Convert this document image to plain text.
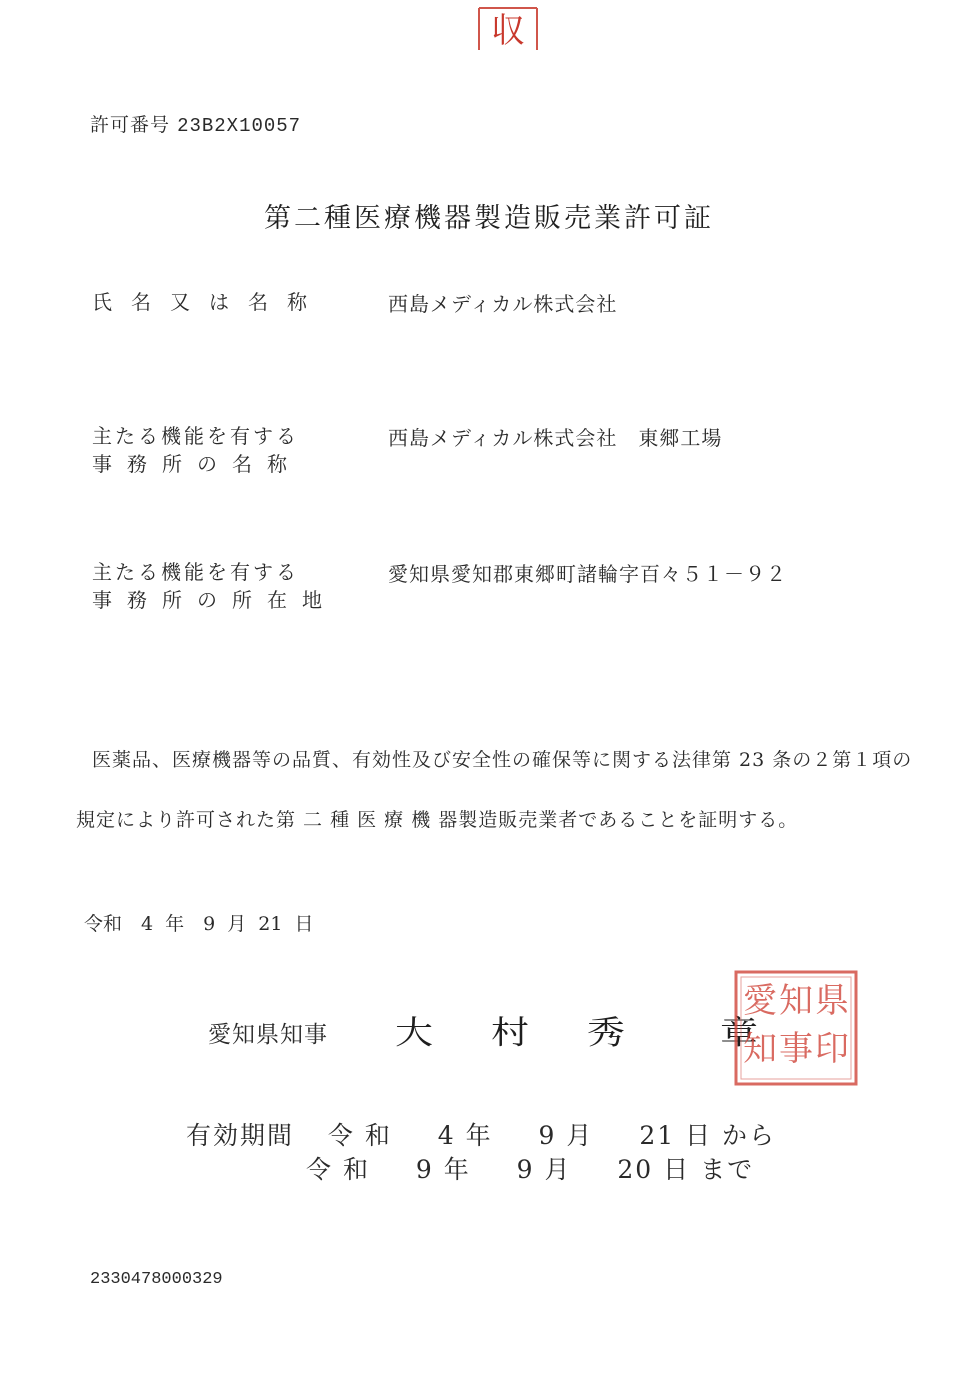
収
許可番号 23B2X10057
第二種医療機器製造販売業許可証
氏名又は名称	西島メディカル株式会社
主たる機能を有する
事務所の名称
西島メディカル株式会社　東郷工場
主たる機能を有する
事務所の所在地
愛知県愛知郡東郷町諸輪字百々５１－９２
医薬品、医療機器等の品質、有効性及び安全性の確保等に関する法律第 23 条の２第１項の
規定により許可された第 二 種 医 療 機 器製造販売業者であることを証明する。
令和　4 年　9 月 21 日
愛知県知事 大村秀 章
県
印
知
事
愛
知
有効期間 令 和 4 年 9 月 21 日 から
令 和 9 年 9 月 20 日 まで
2330478000329
